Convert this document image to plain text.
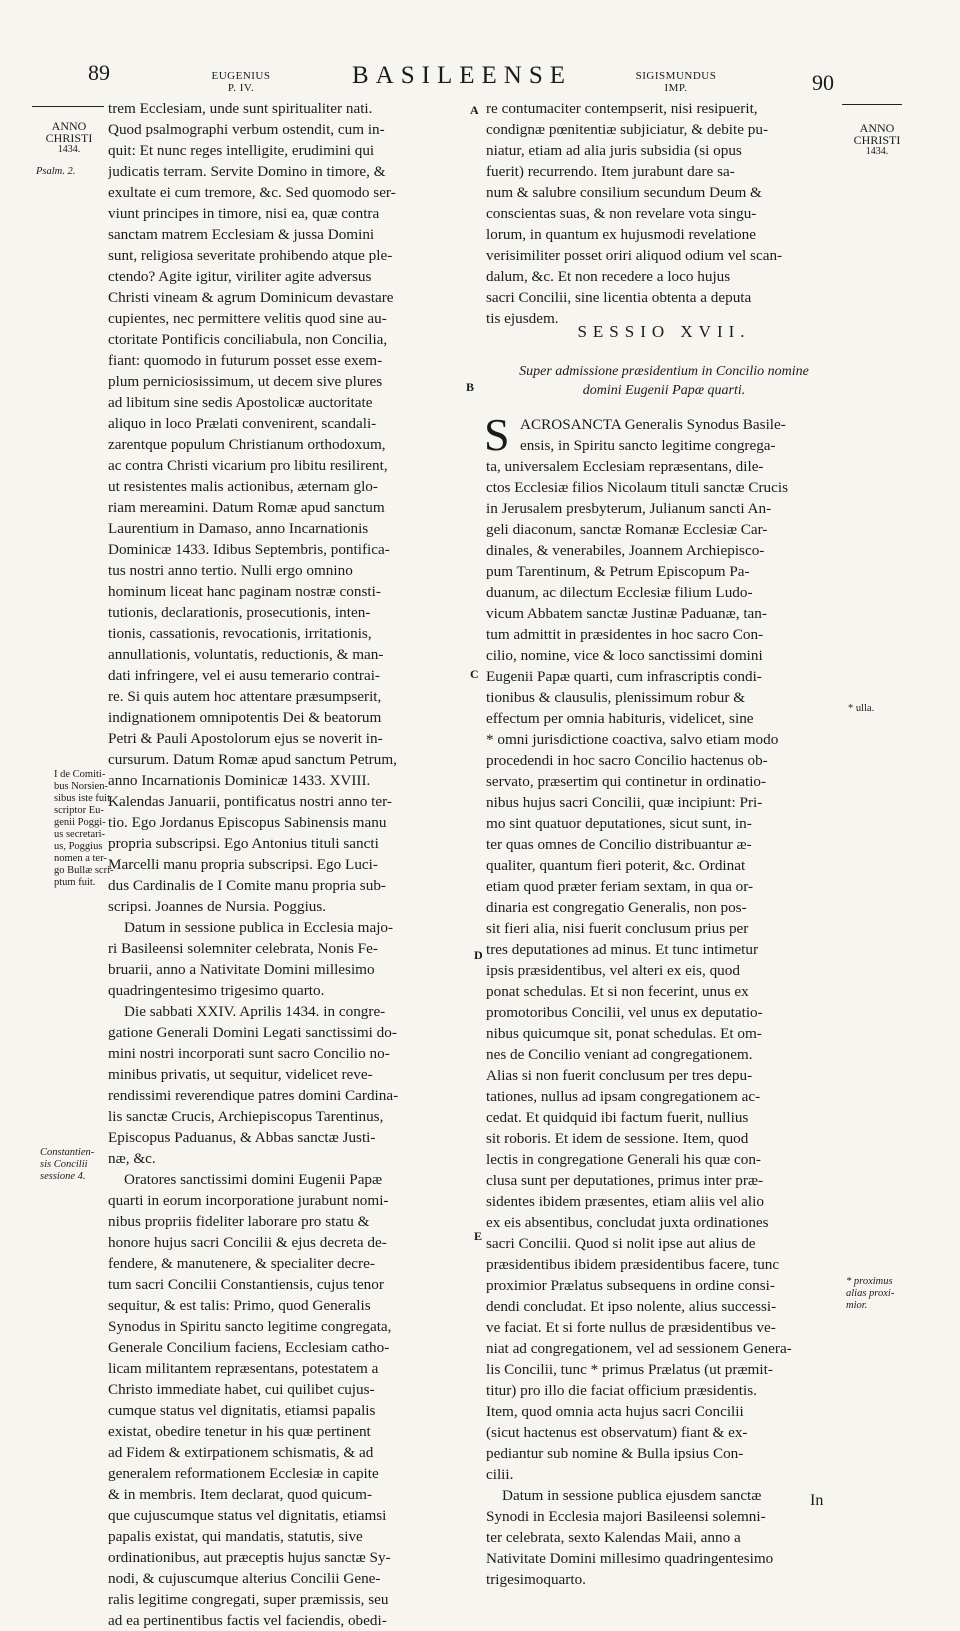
89	EUGENIUS
P. IV.	BASILEENSE	SIGISMUNDUS
IMP.	90
ANNO
CHRISTI
1434.
Psalm. 2.
I de Comiti-
bus Norsien-
sibus iste fuit
scriptor Eu-
genii Poggi-
us secretari-
us, Poggius
nomen a ter-
go Bullæ scri-
ptum fuit.
Constantien-
sis Concilii
sessione 4.
ANNO
CHRISTI
1434.
* ulla.
* proximus
alias proxi-
mior.
A
B
C
D
E
trem Ecclesiam, unde sunt spiritualiter nati.
Quod psalmographi verbum ostendit, cum in-
quit: Et nunc reges intelligite, erudimini qui
judicatis terram. Servite Domino in timore, &
exultate ei cum tremore, &c. Sed quomodo ser-
viunt principes in timore, nisi ea, quæ contra
sanctam matrem Ecclesiam & jussa Domini
sunt, religiosa severitate prohibendo atque ple-
ctendo? Agite igitur, viriliter agite adversus
Christi vineam & agrum Dominicum devastare
cupientes, nec permittere velitis quod sine au-
ctoritate Pontificis conciliabula, non Concilia,
fiant: quomodo in futurum posset esse exem-
plum perniciosissimum, ut decem sive plures
ad libitum sine sedis Apostolicæ auctoritate
aliquo in loco Prælati convenirent, scandali-
zarentque populum Christianum orthodoxum,
ac contra Christi vicarium pro libitu resilirent,
ut resistentes malis actionibus, æternam glo-
riam mereamini. Datum Romæ apud sanctum
Laurentium in Damaso, anno Incarnationis
Dominicæ 1433. Idibus Septembris, pontifica-
tus nostri anno tertio. Nulli ergo omnino
hominum liceat hanc paginam nostræ consti-
tutionis, declarationis, prosecutionis, inten-
tionis, cassationis, revocationis, irritationis,
annullationis, voluntatis, reductionis, & man-
dati infringere, vel ei ausu temerario contrai-
re. Si quis autem hoc attentare præsumpserit,
indignationem omnipotentis Dei & beatorum
Petri & Pauli Apostolorum ejus se noverit in-
cursurum. Datum Romæ apud sanctum Petrum,
anno Incarnationis Dominicæ 1433. XVIII.
Kalendas Januarii, pontificatus nostri anno ter-
tio. Ego Jordanus Episcopus Sabinensis manu
propria subscripsi. Ego Antonius tituli sancti
Marcelli manu propria subscripsi. Ego Luci-
dus Cardinalis de I Comite manu propria sub-
scripsi. Joannes de Nursia. Poggius.
Datum in sessione publica in Ecclesia majo-
ri Basileensi solemniter celebrata, Nonis Fe-
bruarii, anno a Nativitate Domini millesimo
quadringentesimo trigesimo quarto.
Die sabbati XXIV. Aprilis 1434. in congre-
gatione Generali Domini Legati sanctissimi do-
mini nostri incorporati sunt sacro Concilio no-
minibus privatis, ut sequitur, videlicet reve-
rendissimi reverendique patres domini Cardina-
lis sanctæ Crucis, Archiepiscopus Tarentinus,
Episcopus Paduanus, & Abbas sanctæ Justi-
næ, &c.
Oratores sanctissimi domini Eugenii Papæ
quarti in eorum incorporatione jurabunt nomi-
nibus propriis fideliter laborare pro statu &
honore hujus sacri Concilii & ejus decreta de-
fendere, & manutenere, & specialiter decre-
tum sacri Concilii Constantiensis, cujus tenor
sequitur, & est talis: Primo, quod Generalis
Synodus in Spiritu sancto legitime congregata,
Generale Concilium faciens, Ecclesiam catho-
licam militantem repræsentans, potestatem a
Christo immediate habet, cui quilibet cujus-
cumque status vel dignitatis, etiamsi papalis
existat, obedire tenetur in his quæ pertinent
ad Fidem & extirpationem schismatis, & ad
generalem reformationem Ecclesiæ in capite
& in membris. Item declarat, quod quicum-
que cujuscumque status vel dignitatis, etiamsi
papalis existat, qui mandatis, statutis, sive
ordinationibus, aut præceptis hujus sanctæ Sy-
nodi, & cujuscumque alterius Concilii Gene-
ralis legitime congregati, super præmissis, seu
ad ea pertinentibus factis vel faciendis, obedi-
re contumaciter contempserit, nisi resipuerit,
condignæ pœnitentiæ subjiciatur, & debite pu-
niatur, etiam ad alia juris subsidia (si opus
fuerit) recurrendo. Item jurabunt dare sa-
num & salubre consilium secundum Deum &
conscientas suas, & non revelare vota singu-
lorum, in quantum ex hujusmodi revelatione
verisimiliter posset oriri aliquod odium vel scan-
dalum, &c. Et non recedere a loco hujus
sacri Concilii, sine licentia obtenta a deputa
tis ejusdem.
SESSIO XVII.
Super admissione præsidentium in Concilio nomine
domini Eugenii Papæ quarti.
S ACROSANCTA Generalis Synodus Basile-
ensis, in Spiritu sancto legitime congrega-
ta, universalem Ecclesiam repræsentans, dile-
ctos Ecclesiæ filios Nicolaum tituli sanctæ Crucis
in Jerusalem presbyterum, Julianum sancti An-
geli diaconum, sanctæ Romanæ Ecclesiæ Car-
dinales, & venerabiles, Joannem Archiepisco-
pum Tarentinum, & Petrum Episcopum Pa-
duanum, ac dilectum Ecclesiæ filium Ludo-
vicum Abbatem sanctæ Justinæ Paduanæ, tan-
tum admittit in præsidentes in hoc sacro Con-
cilio, nomine, vice & loco sanctissimi domini
Eugenii Papæ quarti, cum infrascriptis condi-
tionibus & clausulis, plenissimum robur &
effectum per omnia habituris, videlicet, sine
* omni jurisdictione coactiva, salvo etiam modo
procedendi in hoc sacro Concilio hactenus ob-
servato, præsertim qui continetur in ordinatio-
nibus hujus sacri Concilii, quæ incipiunt: Pri-
mo sint quatuor deputationes, sicut sunt, in-
ter quas omnes de Concilio distribuantur æ-
qualiter, quantum fieri poterit, &c. Ordinat
etiam quod præter feriam sextam, in qua or-
dinaria est congregatio Generalis, non pos-
sit fieri alia, nisi fuerit conclusum prius per
tres deputationes ad minus. Et tunc intimetur
ipsis præsidentibus, vel alteri ex eis, quod
ponat schedulas. Et si non fecerint, unus ex
promotoribus Concilii, vel unus ex deputatio-
nibus quicumque sit, ponat schedulas. Et om-
nes de Concilio veniant ad congregationem.
Alias si non fuerit conclusum per tres depu-
tationes, nullus ad ipsam congregationem ac-
cedat. Et quidquid ibi factum fuerit, nullius
sit roboris. Et idem de sessione. Item, quod
lectis in congregatione Generali his quæ con-
clusa sunt per deputationes, primus inter præ-
sidentes ibidem præsentes, etiam aliis vel alio
ex eis absentibus, concludat juxta ordinationes
sacri Concilii. Quod si nolit ipse aut alius de
præsidentibus ibidem præsidentibus facere, tunc
proximior Prælatus subsequens in ordine consi-
dendi concludat. Et ipso nolente, alius successi-
ve faciat. Et si forte nullus de præsidentibus ve-
niat ad congregationem, vel ad sessionem Genera-
lis Concilii, tunc * primus Prælatus (ut præmit-
titur) pro illo die faciat officium præsidentis.
Item, quod omnia acta hujus sacri Concilii
(sicut hactenus est observatum) fiant & ex-
pediantur sub nomine & Bulla ipsius Con-
cilii.
Datum in sessione publica ejusdem sanctæ
Synodi in Ecclesia majori Basileensi solemni-
ter celebrata, sexto Kalendas Maii, anno a
Nativitate Domini millesimo quadringentesimo
trigesimoquarto.
In
